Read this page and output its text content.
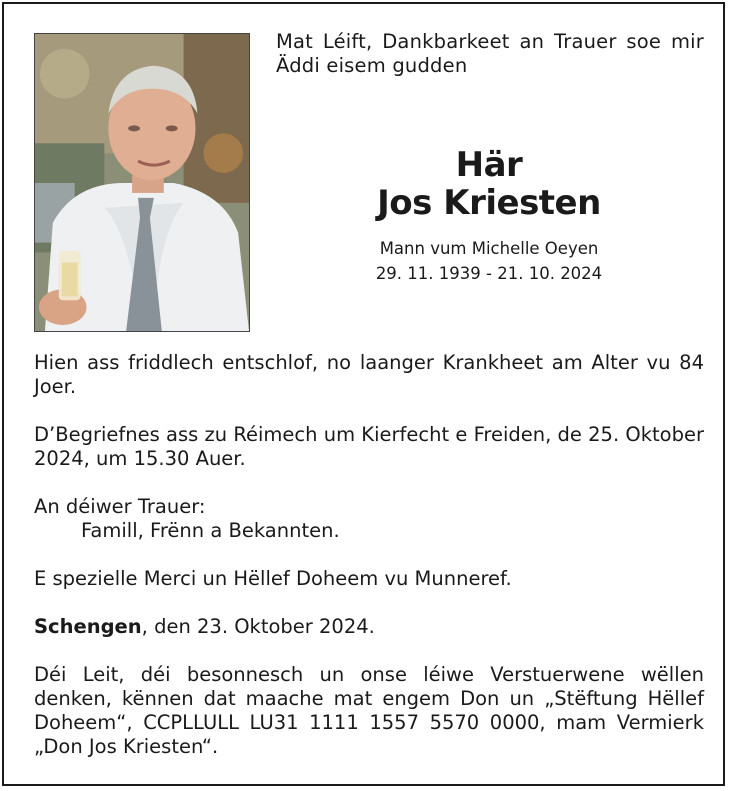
Mat Léift, Dankbarkeet an Trauer soe mir Äddi eisem gudden
Här
Jos Kriesten
Mann vum Michelle Oeyen
29. 11. 1939 - 21. 10. 2024

Hien ass friddlech entschlof, no laanger Krankheet am Alter vu 84 Joer.

D’Begriefnes ass zu Réimech um Kierfecht e Freiden, de 25. Oktober 2024, um 15.30 Auer.

An déiwer Trauer:

Famill, Frënn a Bekannten.

E spezielle Merci un Hëllef Doheem vu Munneref.

Schengen, den 23. Oktober 2024.

Déi Leit, déi besonnesch un onse léiwe Verstuerwene wëllen denken, kënnen dat maache mat engem Don un „Stëftung Hëllef Doheem“, CCPLLULL LU31 1111 1557 5570 0000, mam Vermierk „Don Jos Kriesten“.
